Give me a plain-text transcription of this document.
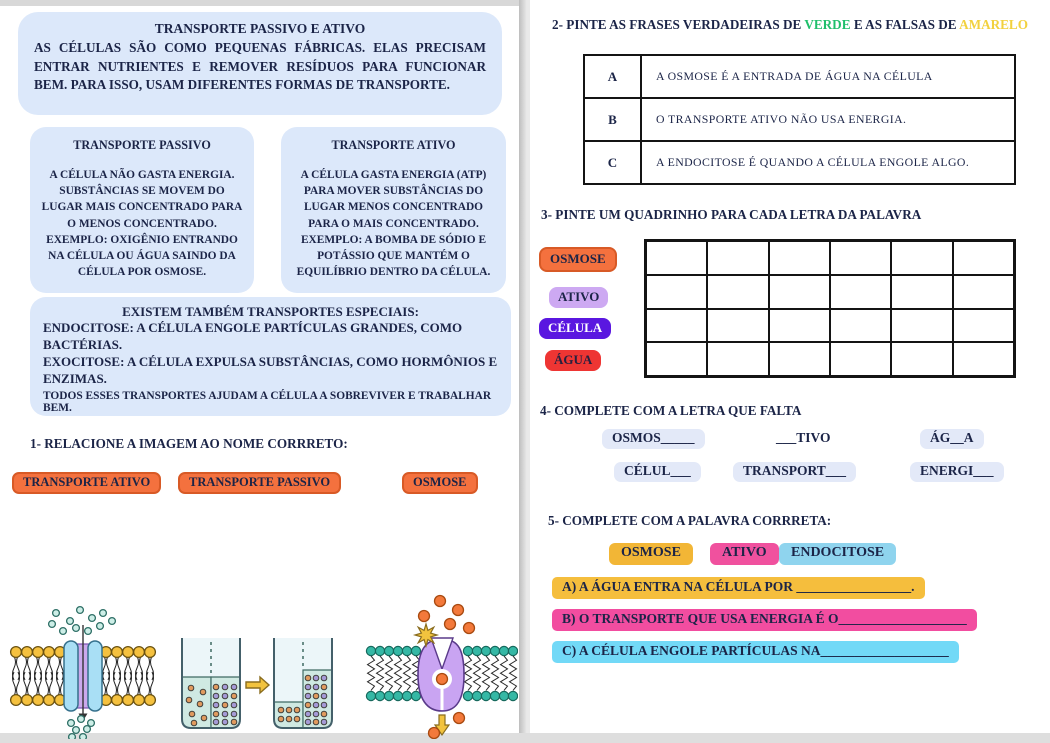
TRANSPORTE PASSIVO E ATIVO
AS CÉLULAS SÃO COMO PEQUENAS FÁBRICAS. ELAS PRECISAM ENTRAR NUTRIENTES E REMOVER RESÍDUOS PARA FUNCIONAR BEM. PARA ISSO, USAM DIFERENTES FORMAS DE TRANSPORTE.
TRANSPORTE PASSIVO
A CÉLULA NÃO GASTA ENERGIA. SUBSTÂNCIAS SE MOVEM DO LUGAR MAIS CONCENTRADO PARA O MENOS CONCENTRADO. EXEMPLO: OXIGÊNIO ENTRANDO NA CÉLULA OU ÁGUA SAINDO DA CÉLULA POR OSMOSE.
TRANSPORTE ATIVO
A CÉLULA GASTA ENERGIA (ATP) PARA MOVER SUBSTÂNCIAS DO LUGAR MENOS CONCENTRADO PARA O MAIS CONCENTRADO. EXEMPLO: A BOMBA DE SÓDIO E POTÁSSIO QUE MANTÉM O EQUILÍBRIO DENTRO DA CÉLULA.
EXISTEM TAMBÉM TRANSPORTES ESPECIAIS:
ENDOCITOSE: A CÉLULA ENGOLE PARTÍCULAS GRANDES, COMO BACTÉRIAS.
EXOCITOSE: A CÉLULA EXPULSA SUBSTÂNCIAS, COMO HORMÔNIOS E ENZIMAS.
TODOS ESSES TRANSPORTES AJUDAM A CÉLULA A SOBREVIVER E TRABALHAR BEM.
1- RELACIONE A IMAGEM AO NOME CORRRETO:
TRANSPORTE ATIVO	TRANSPORTE PASSIVO	OSMOSE
2- PINTE AS FRASES VERDADEIRAS DE VERDE E AS FALSAS DE AMARELO
A	A OSMOSE É A ENTRADA DE ÁGUA NA CÉLULA
B	O TRANSPORTE ATIVO NÃO USA ENERGIA.
C	A ENDOCITOSE É QUANDO A CÉLULA ENGOLE ALGO.
3- PINTE UM QUADRINHO PARA CADA LETRA DA PALAVRA
OSMOSE
ATIVO
CÉLULA
ÁGUA
4- COMPLETE COM A LETRA QUE FALTA
OSMOS_____	___TIVO	ÁG__A
CÉLUL___	TRANSPORT___	ENERGI___
5- COMPLETE COM A PALAVRA CORRRETA:
OSMOSE	ATIVO	ENDOCITOSE
A) A ÁGUA ENTRA NA CÉLULA POR _________________.
B) O TRANSPORTE QUE USA ENERGIA É O___________________
C) A CÉLULA ENGOLE PARTÍCULAS NA___________________
